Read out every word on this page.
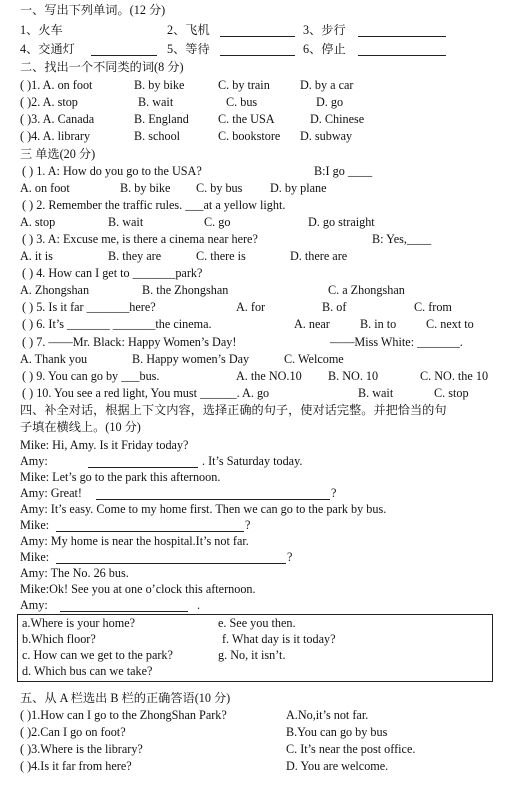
一、写出下列单词。(12 分)
1、火车	2、飞机	3、步行
4、交通灯	5、等待	6、停止
二、找出一个不同类的词(8 分)
( )1. A. on foot	B. by bike	C. by train D. by a car
( )2. A. stop	B. wait	C. bus	D. go
( )3. A. Canada	B. England C. the USA	D. Chinese
( )4. A. library	B. school	C. bookstore D. subway
三 单选(20 分)
( ) 1. A: How do you go to the USA?	B:I go ____
A. on foot	B. by bike C. by bus D. by plane
( ) 2. Remember the traffic rules. ___at a yellow light.
A. stop	B. wait	C. go	D. go straight
( ) 3. A: Excuse me, is there a cinema near here?	B: Yes,____
A. it is	B. they are	C. there is	D. there are
( ) 4. How can I get to _______park?
A. Zhongshan	B. the Zhongshan	C. a Zhongshan
( ) 5. Is it far _______here?	A. for	B. of	C. from
( ) 6. It’s _______ _______the cinema.	A. near B. in to C. next to
( ) 7. ——Mr. Black: Happy Women’s Day!	——Miss White: _______.
A. Thank you	B. Happy women’s Day	C. Welcome
( ) 9. You can go by ___bus.	A. the NO.10 B. NO. 10	C. NO. the 10
( ) 10. You see a red light, You must ______. A. go	B. wait	C. stop
四、补全对话，根据上下文内容，选择正确的句子，使对话完整。并把恰当的句
子填在横线上。(10 分)
Mike: Hi, Amy. Is it Friday today?
Amy:	. It’s Saturday today.
Mike: Let’s go to the park this afternoon.
Amy: Great!	?
Amy: It’s easy. Come to my home first. Then we can go to the park by bus.
Mike:	?
Amy: My home is near the hospital.It’s not far.
Mike:	?
Amy: The No. 26 bus.
Mike:Ok! See you at one o’clock this afternoon.
Amy:	.
a.Where is your home?	e. See you then.
b.Which floor?	f. What day is it today?
c. How can we get to the park?	g. No, it isn’t.
d. Which bus can we take?
五、从 A 栏选出 B 栏的正确答语(10 分)
( )1.How can I go to the ZhongShan Park?	A.No,it’s not far.
( )2.Can I go on foot?	B.You can go by bus
( )3.Where is the library?	C. It’s near the post office.
( )4.Is it far from here?	D. You are welcome.
